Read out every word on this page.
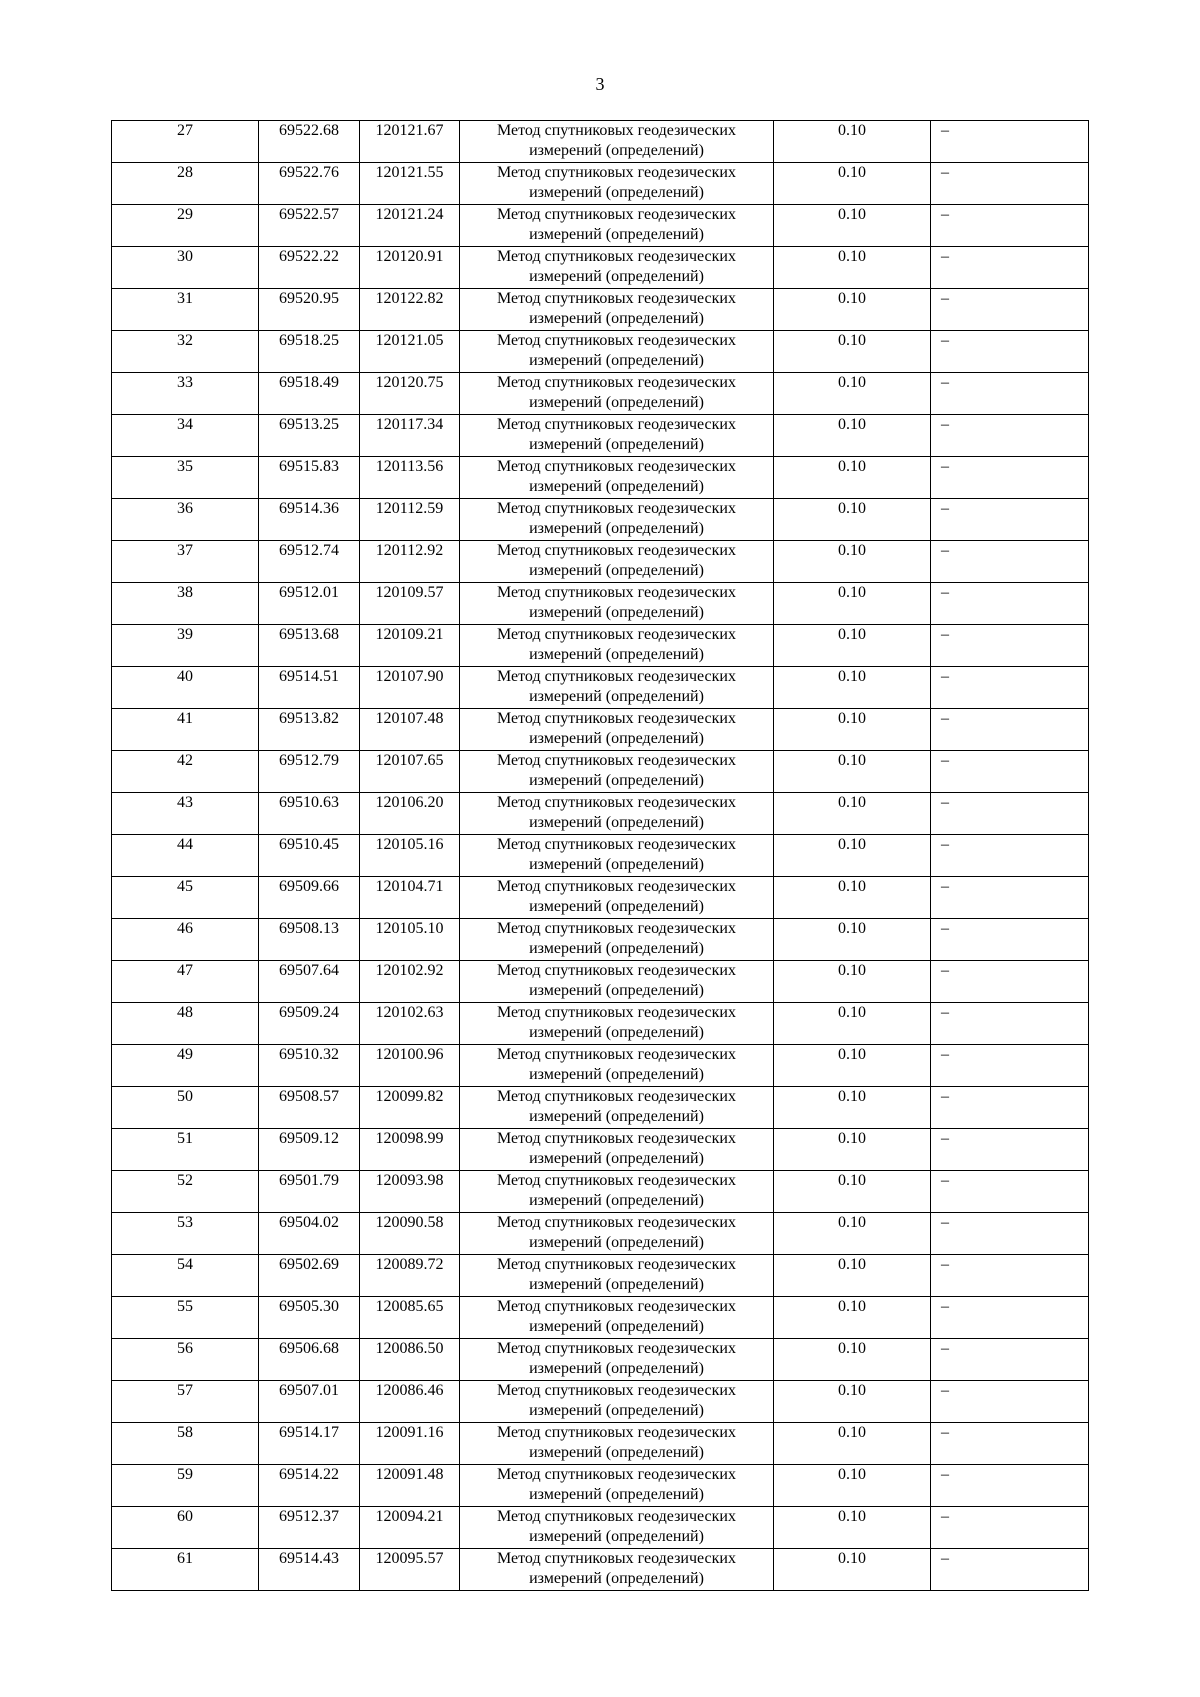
3
27	69522.68	120121.67	Метод спутниковых геодезических измерений (определений)	0.10	–
28	69522.76	120121.55	Метод спутниковых геодезических измерений (определений)	0.10	–
29	69522.57	120121.24	Метод спутниковых геодезических измерений (определений)	0.10	–
30	69522.22	120120.91	Метод спутниковых геодезических измерений (определений)	0.10	–
31	69520.95	120122.82	Метод спутниковых геодезических измерений (определений)	0.10	–
32	69518.25	120121.05	Метод спутниковых геодезических измерений (определений)	0.10	–
33	69518.49	120120.75	Метод спутниковых геодезических измерений (определений)	0.10	–
34	69513.25	120117.34	Метод спутниковых геодезических измерений (определений)	0.10	–
35	69515.83	120113.56	Метод спутниковых геодезических измерений (определений)	0.10	–
36	69514.36	120112.59	Метод спутниковых геодезических измерений (определений)	0.10	–
37	69512.74	120112.92	Метод спутниковых геодезических измерений (определений)	0.10	–
38	69512.01	120109.57	Метод спутниковых геодезических измерений (определений)	0.10	–
39	69513.68	120109.21	Метод спутниковых геодезических измерений (определений)	0.10	–
40	69514.51	120107.90	Метод спутниковых геодезических измерений (определений)	0.10	–
41	69513.82	120107.48	Метод спутниковых геодезических измерений (определений)	0.10	–
42	69512.79	120107.65	Метод спутниковых геодезических измерений (определений)	0.10	–
43	69510.63	120106.20	Метод спутниковых геодезических измерений (определений)	0.10	–
44	69510.45	120105.16	Метод спутниковых геодезических измерений (определений)	0.10	–
45	69509.66	120104.71	Метод спутниковых геодезических измерений (определений)	0.10	–
46	69508.13	120105.10	Метод спутниковых геодезических измерений (определений)	0.10	–
47	69507.64	120102.92	Метод спутниковых геодезических измерений (определений)	0.10	–
48	69509.24	120102.63	Метод спутниковых геодезических измерений (определений)	0.10	–
49	69510.32	120100.96	Метод спутниковых геодезических измерений (определений)	0.10	–
50	69508.57	120099.82	Метод спутниковых геодезических измерений (определений)	0.10	–
51	69509.12	120098.99	Метод спутниковых геодезических измерений (определений)	0.10	–
52	69501.79	120093.98	Метод спутниковых геодезических измерений (определений)	0.10	–
53	69504.02	120090.58	Метод спутниковых геодезических измерений (определений)	0.10	–
54	69502.69	120089.72	Метод спутниковых геодезических измерений (определений)	0.10	–
55	69505.30	120085.65	Метод спутниковых геодезических измерений (определений)	0.10	–
56	69506.68	120086.50	Метод спутниковых геодезических измерений (определений)	0.10	–
57	69507.01	120086.46	Метод спутниковых геодезических измерений (определений)	0.10	–
58	69514.17	120091.16	Метод спутниковых геодезических измерений (определений)	0.10	–
59	69514.22	120091.48	Метод спутниковых геодезических измерений (определений)	0.10	–
60	69512.37	120094.21	Метод спутниковых геодезических измерений (определений)	0.10	–
61	69514.43	120095.57	Метод спутниковых геодезических измерений (определений)	0.10	–
